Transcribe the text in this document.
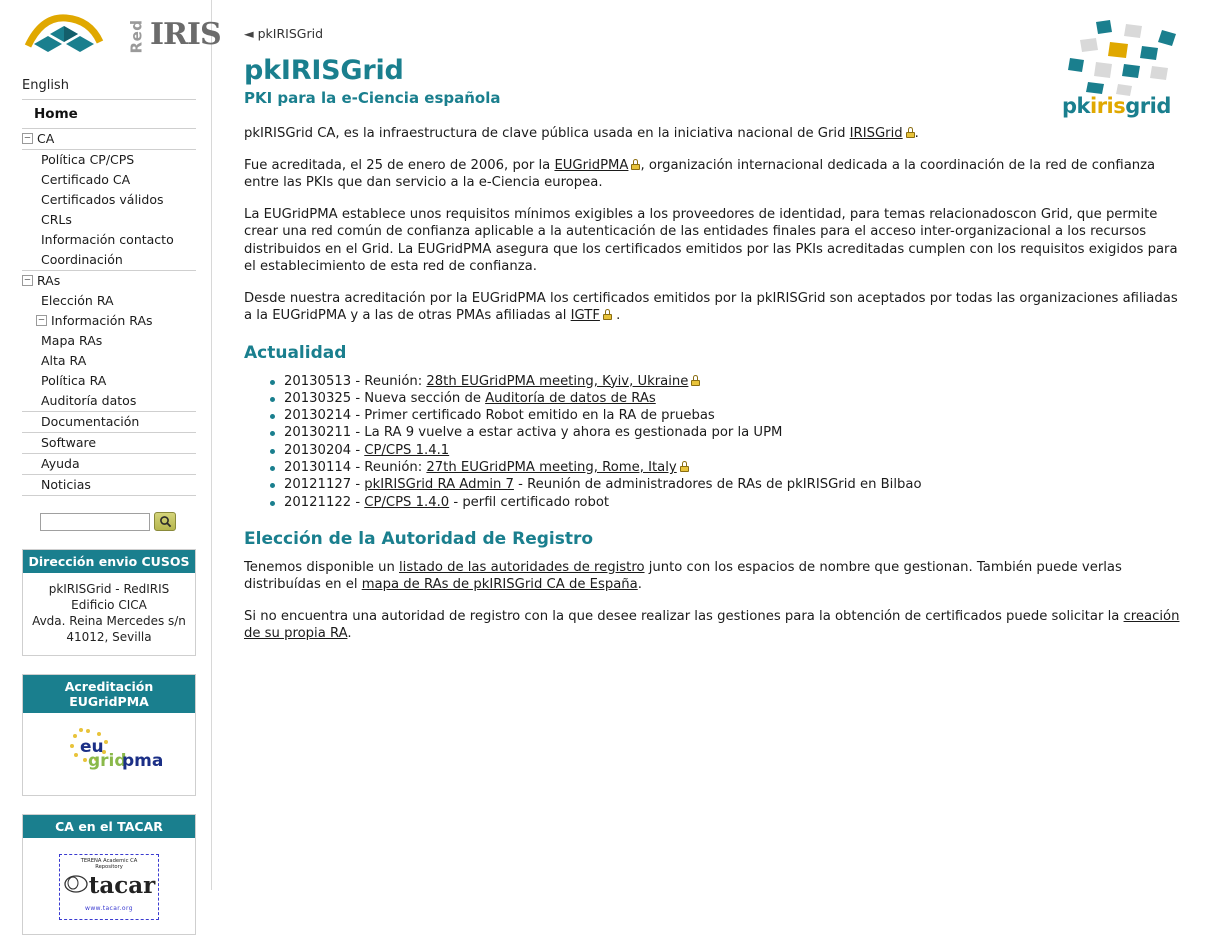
Red IRIS
English
Home
– CA
Política CP/CPS
Certificado CA
Certificados válidos
CRLs
Información contacto
Coordinación
– RAs
Elección RA
– Información RAs
Mapa RAs
Alta RA
Política RA
Auditoría datos
Documentación
Software
Ayuda
Noticias
Dirección envio CUSOS
pkIRISGrid - RedIRIS
Edificio CICA
Avda. Reina Mercedes s/n
41012, Sevilla
Acreditación EUGridPMA
eu
grid
pma
CA en el TACAR
TERENA Academic CA
Repository
tacar
www.tacar.org
pkirisgrid
◄ pkIRISGrid
pkIRISGrid
PKI para la e-Ciencia española

pkIRISGrid CA, es la infraestructura de clave pública usada en la iniciativa nacional de Grid IRISGrid .

Fue acreditada, el 25 de enero de 2006, por la EUGridPMA , organización internacional dedicada a la coordinación de la red de confianza entre las PKIs que dan servicio a la e-Ciencia europea.

La EUGridPMA establece unos requisitos mínimos exigibles a los proveedores de identidad, para temas relacionadoscon Grid, que permite crear una red común de confianza aplicable a la autenticación de las entidades finales para el acceso inter-organizacional a los recursos distribuidos en el Grid. La EUGridPMA asegura que los certificados emitidos por las PKIs acreditadas cumplen con los requisitos exigidos para el establecimiento de esta red de confianza.

Desde nuestra acreditación por la EUGridPMA los certificados emitidos por la pkIRISGrid son aceptados por todas las organizaciones afiliadas a la EUGridPMA y a las de otras PMAs afiliadas al IGTF
.

Actualidad
20130513 - Reunión: 28th EUGridPMA meeting, Kyiv, Ukraine
20130325 - Nueva sección de Auditoría de datos de RAs
20130214 - Primer certificado Robot emitido en la RA de pruebas
20130211 - La RA 9 vuelve a estar activa y ahora es gestionada por la UPM
20130204 - CP/CPS 1.4.1
20130114 - Reunión: 27th EUGridPMA meeting, Rome, Italy
20121127 - pkIRISGrid RA Admin 7 - Reunión de administradores de RAs de pkIRISGrid en Bilbao
20121122 - CP/CPS 1.4.0 - perfil certificado robot
Elección de la Autoridad de Registro

Tenemos disponible un listado de las autoridades de registro junto con los espacios de nombre que gestionan. También puede verlas distribuídas en el mapa de RAs de pkIRISGrid CA de España.

Si no encuentra una autoridad de registro con la que desee realizar las gestiones para la obtención de certificados puede solicitar la creación de su propia RA.
